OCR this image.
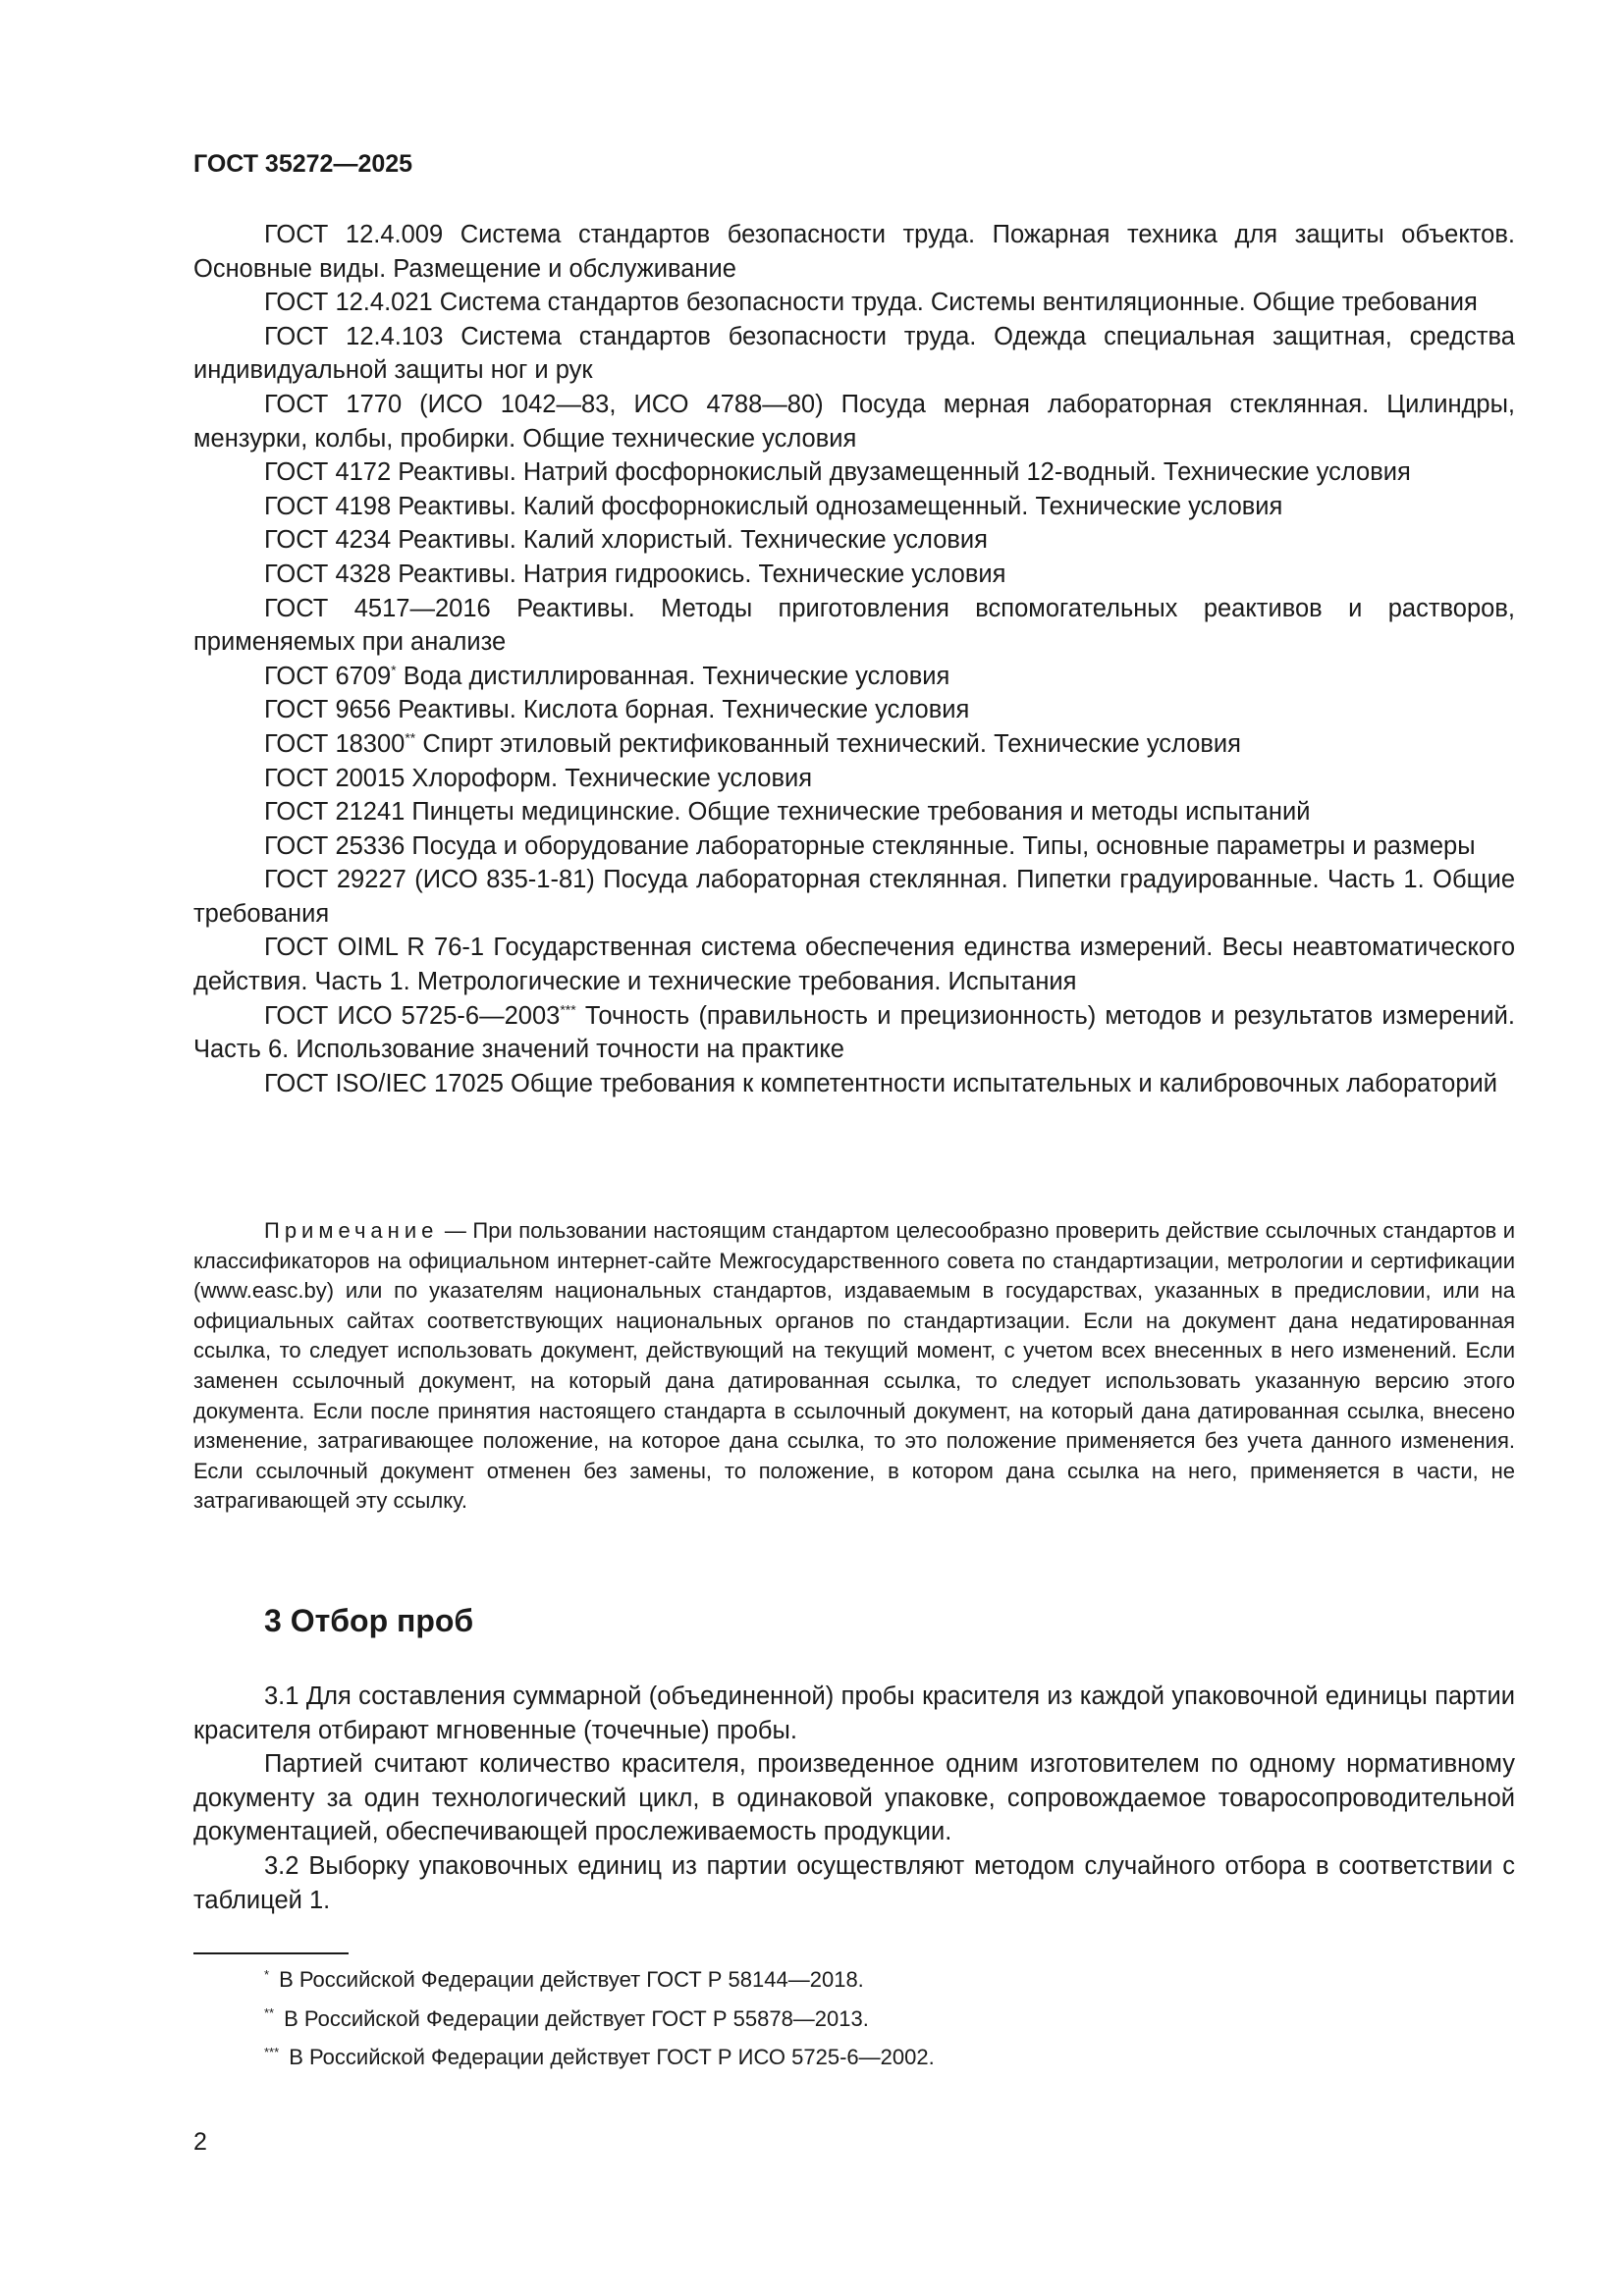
ГОСТ 35272—2025

ГОСТ 12.4.009 Система стандартов безопасности труда. Пожарная техника для защиты объектов. Основные виды. Размещение и обслуживание

ГОСТ 12.4.021 Система стандартов безопасности труда. Системы вентиляционные. Общие требования

ГОСТ 12.4.103 Система стандартов безопасности труда. Одежда специальная защитная, средства индивидуальной защиты ног и рук

ГОСТ 1770 (ИСО 1042—83, ИСО 4788—80) Посуда мерная лабораторная стеклянная. Цилиндры, мензурки, колбы, пробирки. Общие технические условия

ГОСТ 4172 Реактивы. Натрий фосфорнокислый двузамещенный 12-водный. Технические условия

ГОСТ 4198 Реактивы. Калий фосфорнокислый однозамещенный. Технические условия

ГОСТ 4234 Реактивы. Калий хлористый. Технические условия

ГОСТ 4328 Реактивы. Натрия гидроокись. Технические условия

ГОСТ 4517—2016 Реактивы. Методы приготовления вспомогательных реактивов и растворов, применяемых при анализе

ГОСТ 6709* Вода дистиллированная. Технические условия

ГОСТ 9656 Реактивы. Кислота борная. Технические условия

ГОСТ 18300** Спирт этиловый ректификованный технический. Технические условия

ГОСТ 20015 Хлороформ. Технические условия

ГОСТ 21241 Пинцеты медицинские. Общие технические требования и методы испытаний

ГОСТ 25336 Посуда и оборудование лабораторные стеклянные. Типы, основные параметры и размеры

ГОСТ 29227 (ИСО 835-1-81) Посуда лабораторная стеклянная. Пипетки градуированные. Часть 1. Общие требования

ГОСТ OIML R 76-1 Государственная система обеспечения единства измерений. Весы неавтоматического действия. Часть 1. Метрологические и технические требования. Испытания

ГОСТ ИСО 5725-6—2003*** Точность (правильность и прецизионность) методов и результатов измерений. Часть 6. Использование значений точности на практике

ГОСТ ISO/IEC 17025 Общие требования к компетентности испытательных и калибровочных лабораторий

Примечание — При пользовании настоящим стандартом целесообразно проверить действие ссылочных стандартов и классификаторов на официальном интернет-сайте Межгосударственного совета по стандартизации, метрологии и сертификации (www.easc.by) или по указателям национальных стандартов, издаваемым в государствах, указанных в предисловии, или на официальных сайтах соответствующих национальных органов по стандартизации. Если на документ дана недатированная ссылка, то следует использовать документ, действующий на текущий момент, с учетом всех внесенных в него изменений. Если заменен ссылочный документ, на который дана датированная ссылка, то следует использовать указанную версию этого документа. Если после принятия настоящего стандарта в ссылочный документ, на который дана датированная ссылка, внесено изменение, затрагивающее положение, на которое дана ссылка, то это положение применяется без учета данного изменения. Если ссылочный документ отменен без замены, то положение, в котором дана ссылка на него, применяется в части, не затрагивающей эту ссылку.
3 Отбор проб

3.1 Для составления суммарной (объединенной) пробы красителя из каждой упаковочной единицы партии красителя отбирают мгновенные (точечные) пробы.

Партией считают количество красителя, произведенное одним изготовителем по одному нормативному документу за один технологический цикл, в одинаковой упаковке, сопровождаемое товаросопроводительной документацией, обеспечивающей прослеживаемость продукции.

3.2 Выборку упаковочных единиц из партии осуществляют методом случайного отбора в соответствии с таблицей 1.

* В Российской Федерации действует ГОСТ Р 58144—2018.
** В Российской Федерации действует ГОСТ Р 55878—2013.
*** В Российской Федерации действует ГОСТ Р ИСО 5725-6—2002.
2
